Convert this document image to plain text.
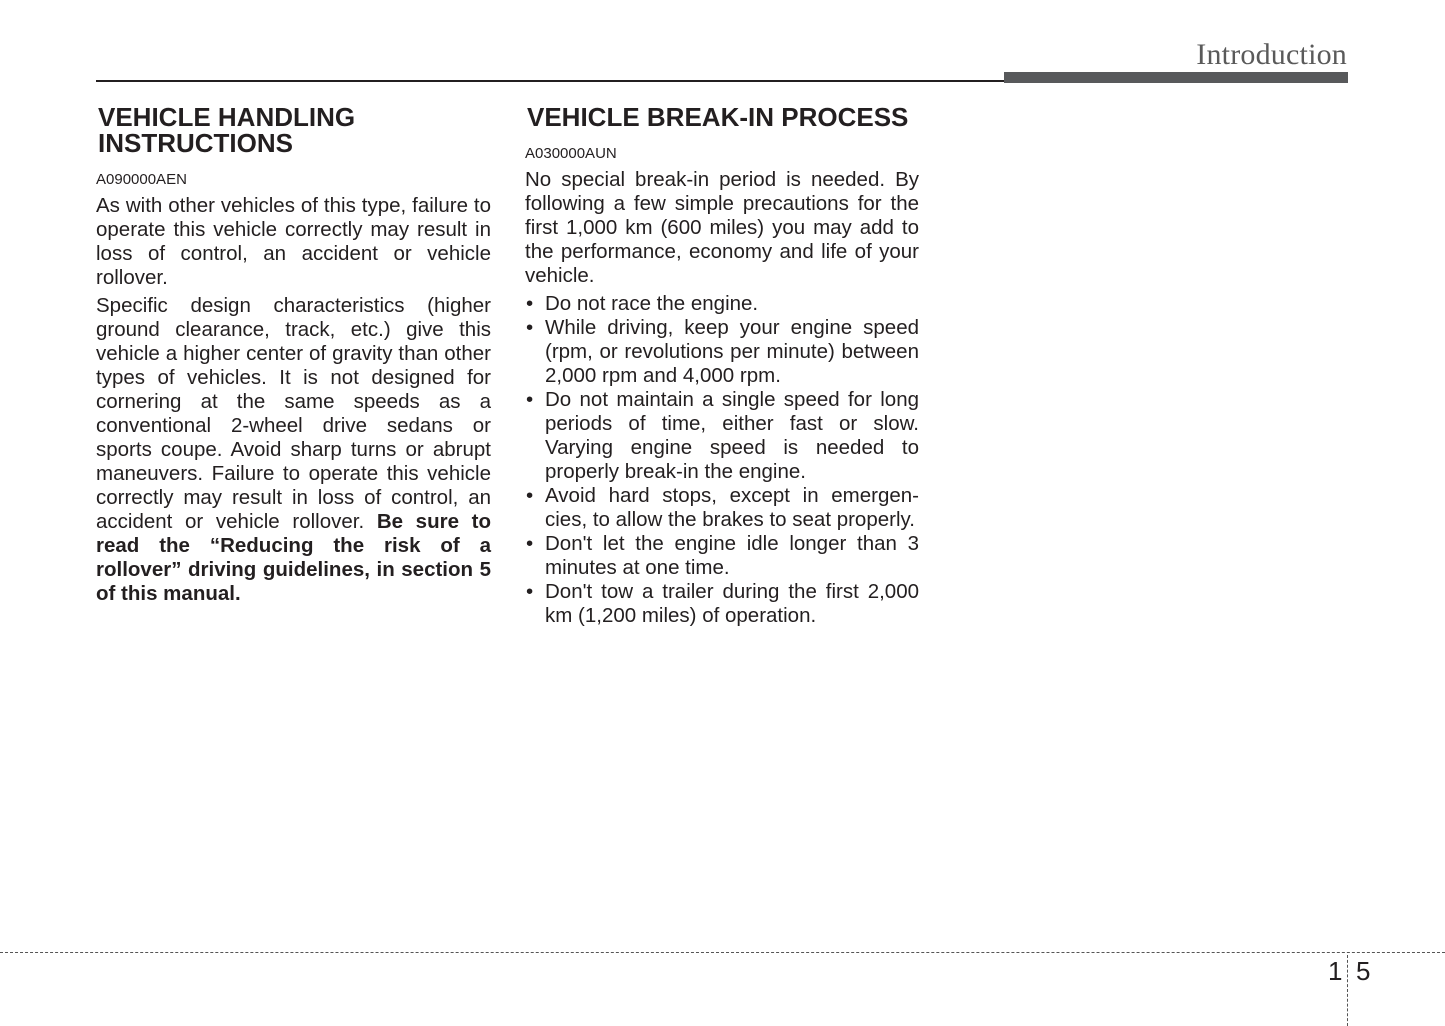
Introduction
VEHICLE HANDLING
INSTRUCTIONS
A090000AEN

As with other vehicles of this type, failure to operate this vehicle correctly may result in loss of control, an accident or vehicle rollover.

Specific design characteristics (higher ground clearance, track, etc.) give this vehicle a higher center of gravity than other types of vehicles. It is not designed for cornering at the same speeds as a conventional 2-wheel drive sedans or sports coupe. Avoid sharp turns or abrupt maneuvers. Failure to operate this vehicle correctly may result in loss of control, an accident or vehicle rollover. Be sure to read the “Reducing the risk of a rollover” driving guidelines, in section 5 of this manual.

VEHICLE BREAK-IN PROCESS
A030000AUN

No special break-in period is needed. By following a few simple precautions for the first 1,000 km (600 miles) you may add to the performance, economy and life of your vehicle.

• Do not race the engine.
• While driving, keep your engine speed (rpm, or revolutions per minute) between 2,000 rpm and 4,000 rpm.
• Do not maintain a single speed for long periods of time, either fast or slow. Varying engine speed is needed to properly break-in the engine.
• Avoid hard stops, except in emergencies, to allow the brakes to seat properly.
• Don't let the engine idle longer than 3 minutes at one time.
• Don't tow a trailer during the first 2,000 km (1,200 miles) of operation.
1 5
